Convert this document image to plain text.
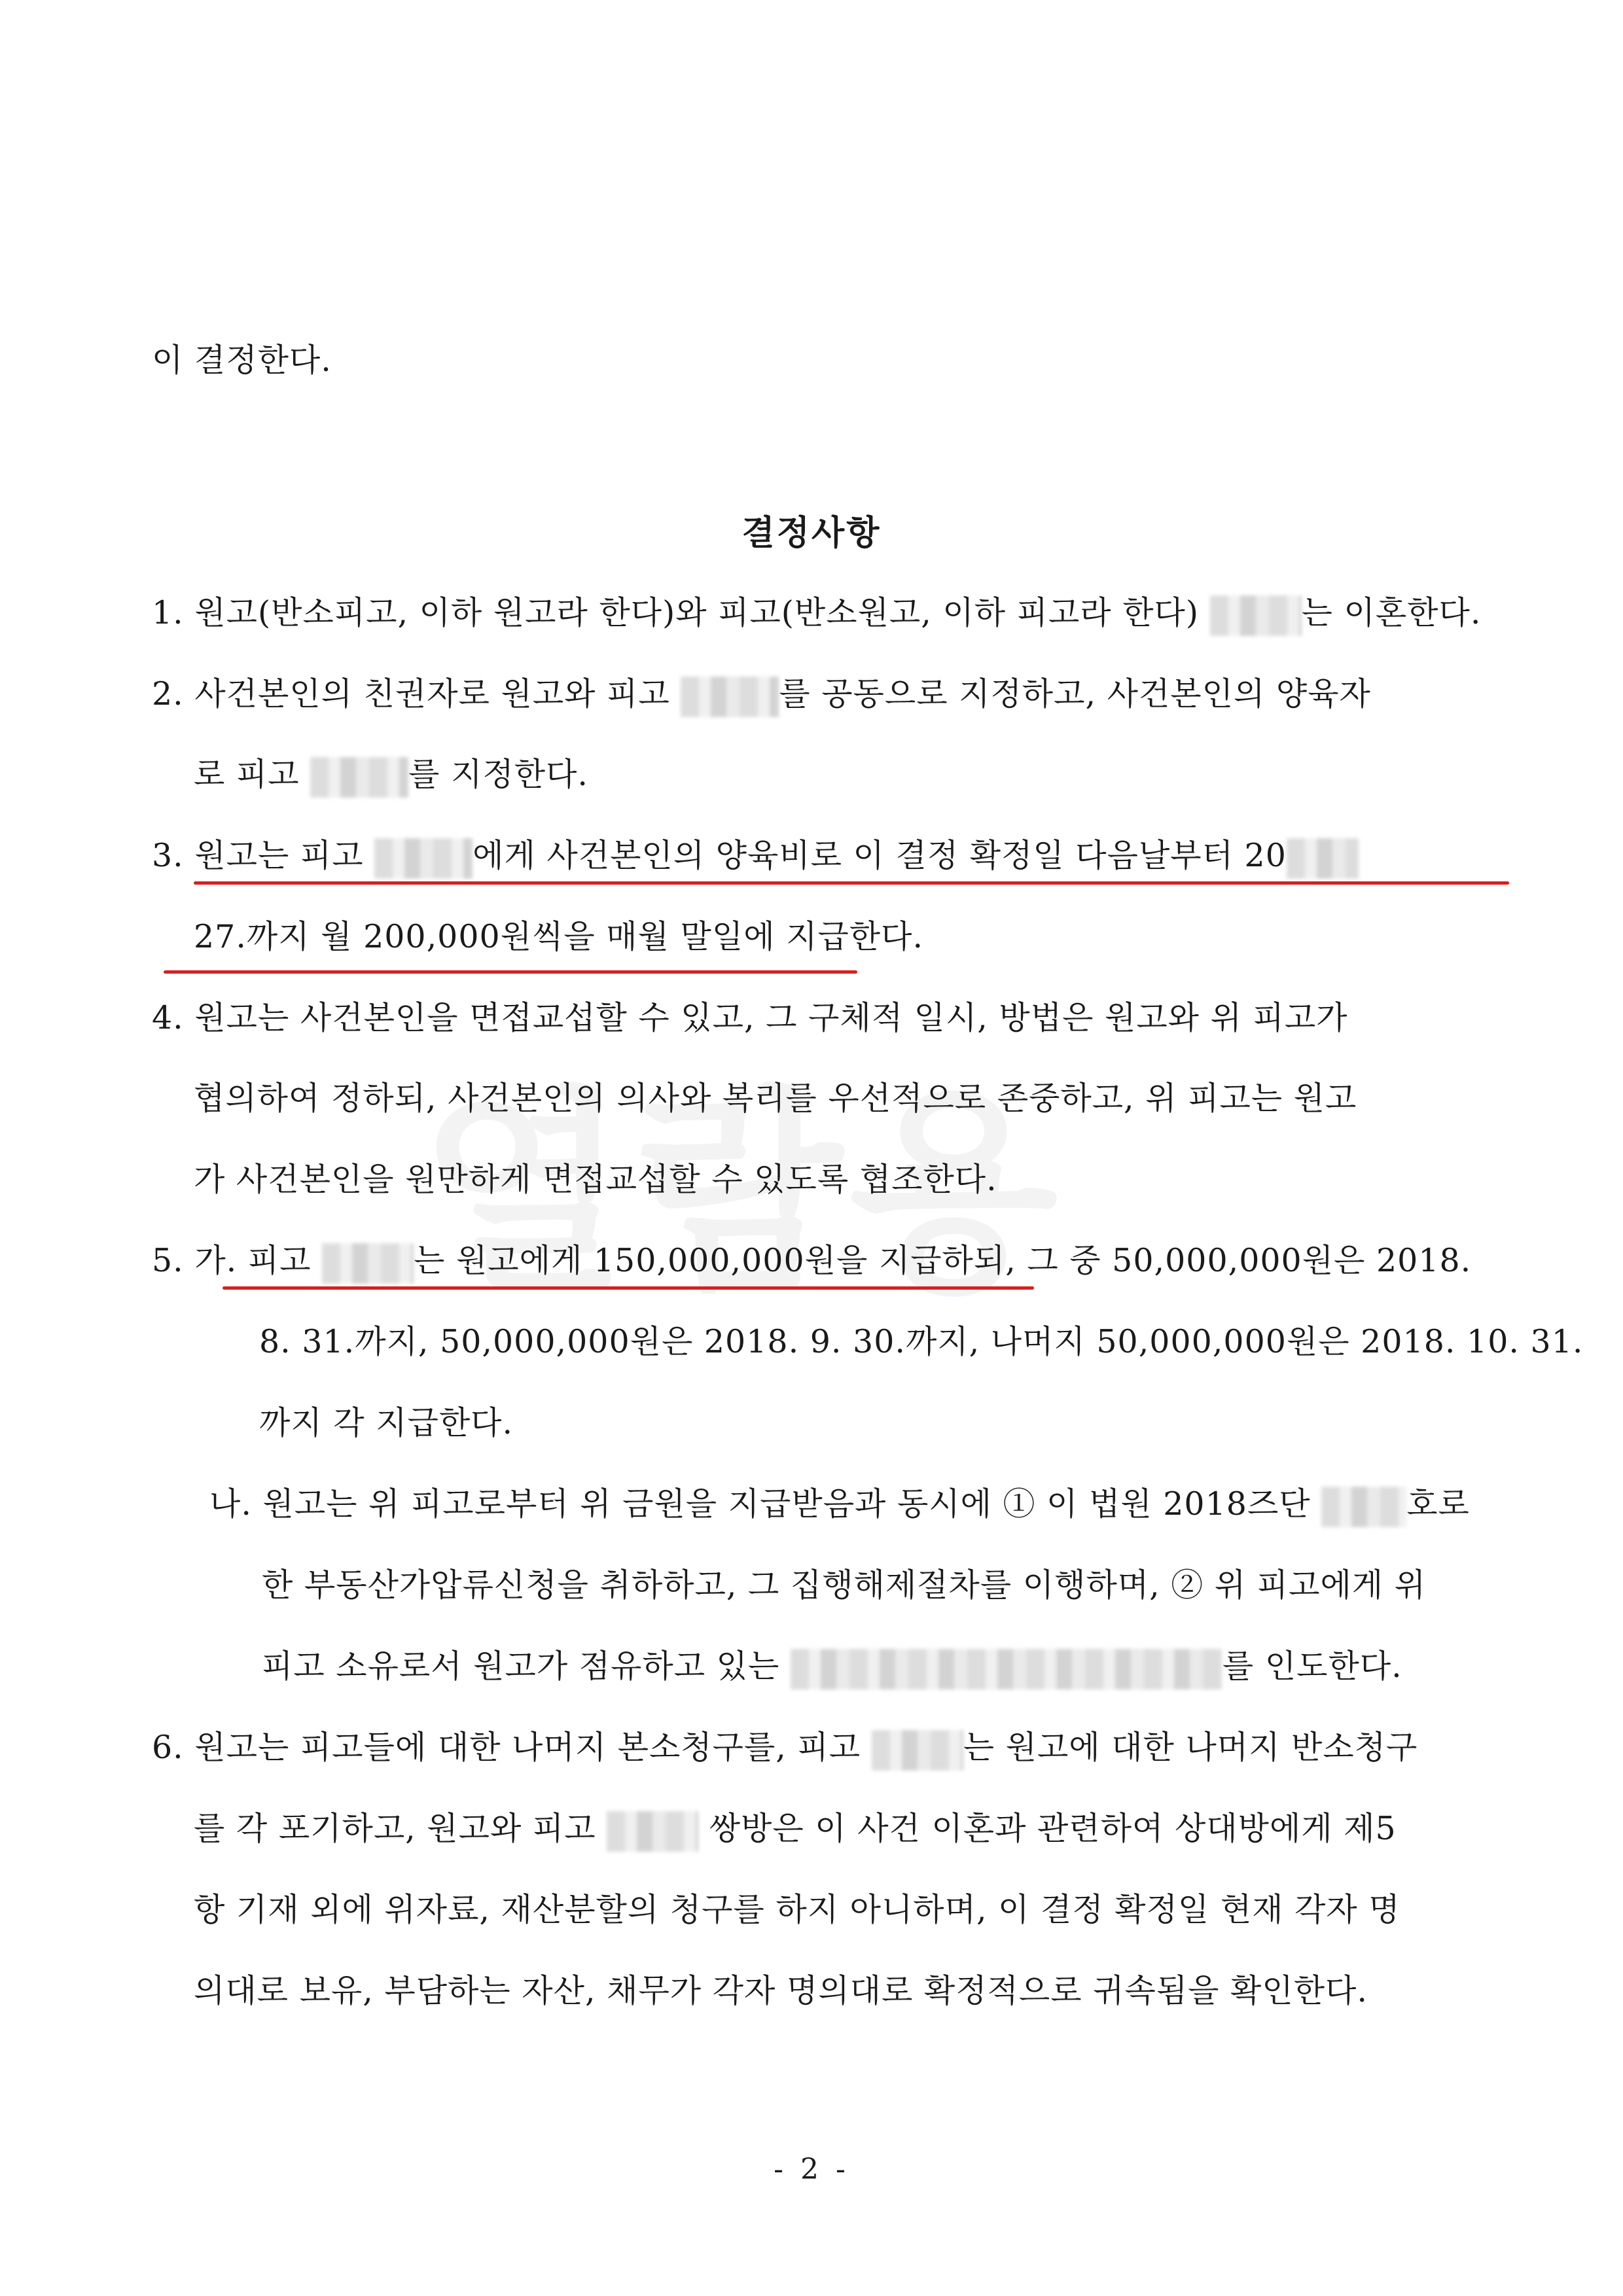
이 결정한다.
결정사항
1. 원고(반소피고, 이하 원고라 한다)와 피고(반소원고, 이하 피고라 한다)	는 이혼한다.
2. 사건본인의 친권자로 원고와 피고	를 공동으로 지정하고, 사건본인의 양육자
로 피고	를 지정한다.
3. 원고는 피고	에게 사건본인의 양육비로 이 결정 확정일 다음날부터 20
27.까지 월 200,000원씩을 매월 말일에 지급한다.
4. 원고는 사건본인을 면접교섭할 수 있고, 그 구체적 일시, 방법은 원고와 위 피고가
협의하여 정하되, 사건본인의 의사와 복리를 우선적으로 존중하고, 위 피고는 원고
가 사건본인을 원만하게 면접교섭할 수 있도록 협조한다.
5. 가. 피고	는 원고에게 150,000,000원을 지급하되, 그 중 50,000,000원은 2018.
8. 31.까지, 50,000,000원은 2018. 9. 30.까지, 나머지 50,000,000원은 2018. 10. 31.
까지 각 지급한다.
나. 원고는 위 피고로부터 위 금원을 지급받음과 동시에 ① 이 법원 2018즈단	호로
한 부동산가압류신청을 취하하고, 그 집행해제절차를 이행하며, ② 위 피고에게 위
피고 소유로서 원고가 점유하고 있는	를 인도한다.
6. 원고는 피고들에 대한 나머지 본소청구를, 피고	는 원고에 대한 나머지 반소청구
를 각 포기하고, 원고와 피고	쌍방은 이 사건 이혼과 관련하여 상대방에게 제5
항 기재 외에 위자료, 재산분할의 청구를 하지 아니하며, 이 결정 확정일 현재 각자 명
의대로 보유, 부담하는 자산, 채무가 각자 명의대로 확정적으로 귀속됨을 확인한다.
- 2 -
